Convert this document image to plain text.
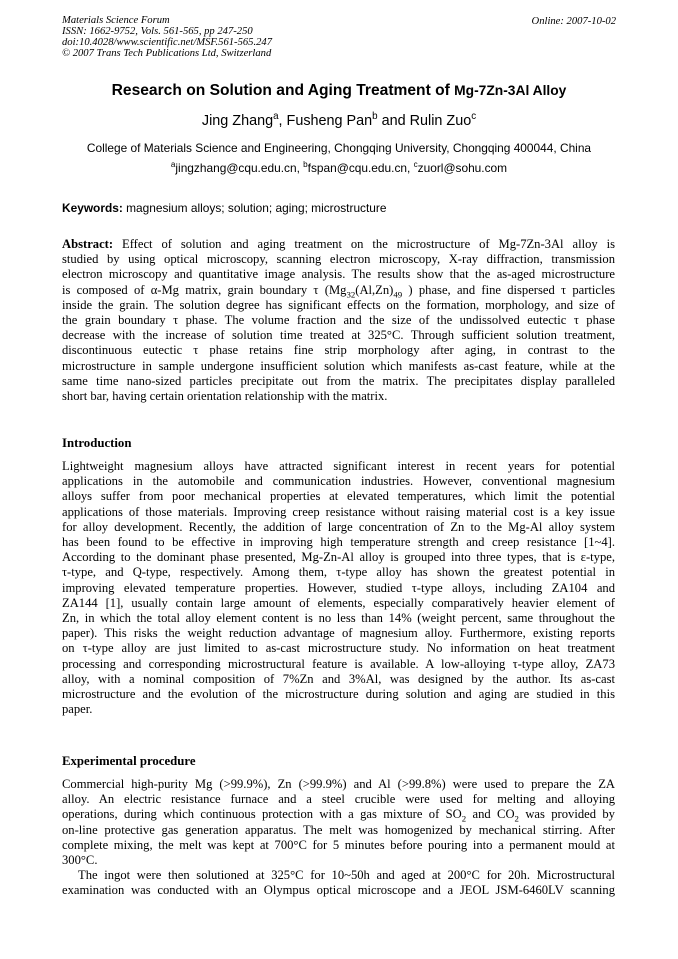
Materials Science Forum	Online: 2007-10-02
ISSN: 1662-9752, Vols. 561-565, pp 247-250
doi:10.4028/www.scientific.net/MSF.561-565.247
© 2007 Trans Tech Publications Ltd, Switzerland
Research on Solution and Aging Treatment of Mg-7Zn-3Al Alloy
Jing Zhang$^a$, Fusheng Pan$^b$ and Rulin Zuo$^c$
College of Materials Science and Engineering, Chongqing University, Chongqing 400044, China
$^a$jingzhang@cqu.edu.cn, $^b$fspan@cqu.edu.cn, $^c$zuorl@sohu.com
Keywords: magnesium alloys; solution; aging; microstructure
Abstract: Effect of solution and aging treatment on the microstructure of Mg-7Zn-3Al alloy is
studied by using optical microscopy, scanning electron microscopy, X-ray diffraction, transmission
electron microscopy and quantitative image analysis. The results show that the as-aged microstructure
is composed of α-Mg matrix, grain boundary τ ($Mg_{32}(Al,Zn)_{49}$ ) phase, and fine dispersed τ particles
inside the grain. The solution degree has significant effects on the formation, morphology, and size of
the grain boundary τ phase. The volume fraction and the size of the undissolved eutectic τ phase
decrease with the increase of solution time treated at 325°C. Through sufficient solution treatment,
discontinuous eutectic τ phase retains fine strip morphology after aging, in contrast to the
microstructure in sample undergone insufficient solution which manifests as-cast feature, while at the
same time nano-sized particles precipitate out from the matrix. The precipitates display paralleled
short bar, having certain orientation relationship with the matrix.
Introduction
Lightweight magnesium alloys have attracted significant interest in recent years for potential
applications in the automobile and communication industries. However, conventional magnesium
alloys suffer from poor mechanical properties at elevated temperatures, which limit the potential
applications of those materials. Improving creep resistance without raising material cost is a key issue
for alloy development. Recently, the addition of large concentration of Zn to the Mg-Al alloy system
has been found to be effective in improving high temperature strength and creep resistance [1~4].
According to the dominant phase presented, Mg-Zn-Al alloy is grouped into three types, that is ε-type,
τ-type, and Q-type, respectively. Among them, τ-type alloy has shown the greatest potential in
improving elevated temperature properties. However, studied τ-type alloys, including ZA104 and
ZA144 [1], usually contain large amount of elements, especially comparatively heavier element of
Zn, in which the total alloy element content is no less than 14% (weight percent, same throughout the
paper). This risks the weight reduction advantage of magnesium alloy. Furthermore, existing reports
on τ-type alloy are just limited to as-cast microstructure study. No information on heat treatment
processing and corresponding microstructural feature is available. A low-alloying τ-type alloy, ZA73
alloy, with a nominal composition of 7%Zn and 3%Al, was designed by the author. Its as-cast
microstructure and the evolution of the microstructure during solution and aging are studied in this
paper.
Experimental procedure
Commercial high-purity Mg (>99.9%), Zn (>99.9%) and Al (>99.8%) were used to prepare the ZA
alloy. An electric resistance furnace and a steel crucible were used for melting and alloying
operations, during which continuous protection with a gas mixture of $SO_2$ and $CO_2$ was provided by
on-line protective gas generation apparatus. The melt was homogenized by mechanical stirring. After
complete mixing, the melt was kept at 700°C for 5 minutes before pouring into a permanent mould at
300°C.
The ingot were then solutioned at 325°C for 10~50h and aged at 200°C for 20h. Microstructural
examination was conducted with an Olympus optical microscope and a JEOL JSM-6460LV scanning
